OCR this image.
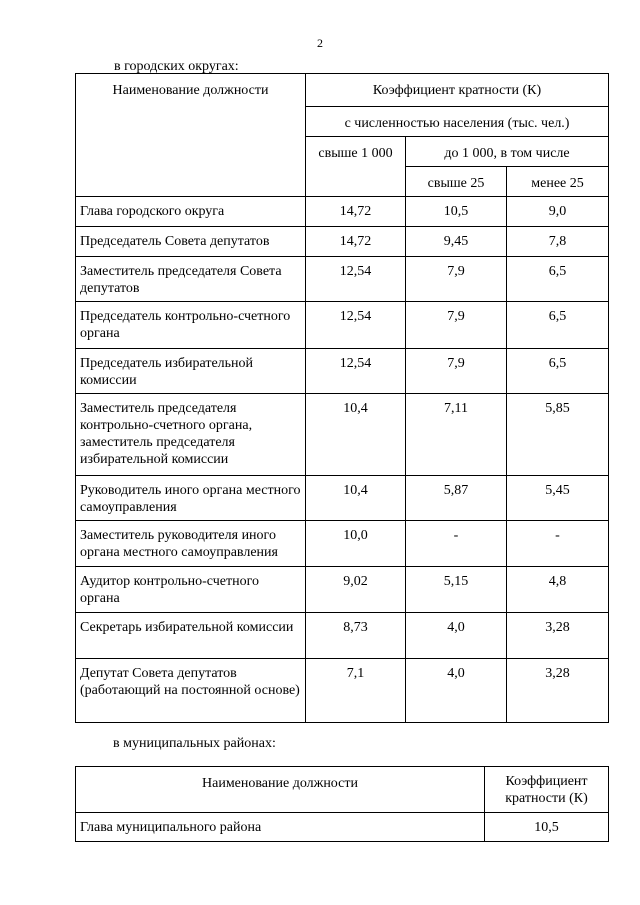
2
в городских округах:
Наименование должности	Коэффициент кратности (К)		
	с численностью населения (тыс. чел.)		
	свыше 1 000	до 1 000, в том числе	
		свыше 25	менее 25
Глава городского округа	14,72	10,5	9,0
Председатель Совета депутатов	14,72	9,45	7,8
Заместитель председателя Совета депутатов	12,54	7,9	6,5
Председатель контрольно-счетного органа	12,54	7,9	6,5
Председатель избирательной комиссии	12,54	7,9	6,5
Заместитель председателя контрольно-счетного органа, заместитель председателя избирательной комиссии	10,4	7,11	5,85
Руководитель иного органа местного самоуправления	10,4	5,87	5,45
Заместитель руководителя иного органа местного самоуправления	10,0	-	-
Аудитор контрольно-счетного органа	9,02	5,15	4,8
Секретарь избирательной комиссии	8,73	4,0	3,28
Депутат Совета депутатов (работающий на постоянной основе)	7,1	4,0	3,28
в муниципальных районах:
Наименование должности	Коэффициент кратности (К)
Глава муниципального района	10,5
